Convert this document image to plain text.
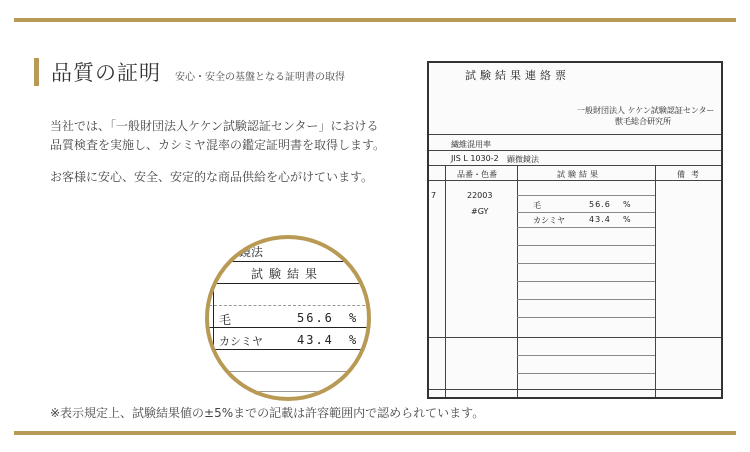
品質の証明 安心・安全の基盤となる証明書の取得
当社では、「一般財団法人ケケン試験認証センター」における
品質検査を実施し、カシミヤ混率の鑑定証明書を取得します。
お客様に安心、安全、安定的な商品供給を心がけています。
鏡法
試験結果
毛	56.6 %
カシミヤ	43.4 %
試験結果連絡票
一般財団法人 ケケン試験認証センター
獣毛総合研究所
繊維混用率
JIS L 1030-2 顕微鏡法
品番・色番	試験結果	備考
7	22003
#GY
毛	56.6 %
カシミヤ	43.4 %
※表示規定上、試験結果値の±5%までの記載は許容範囲内で認められています。
